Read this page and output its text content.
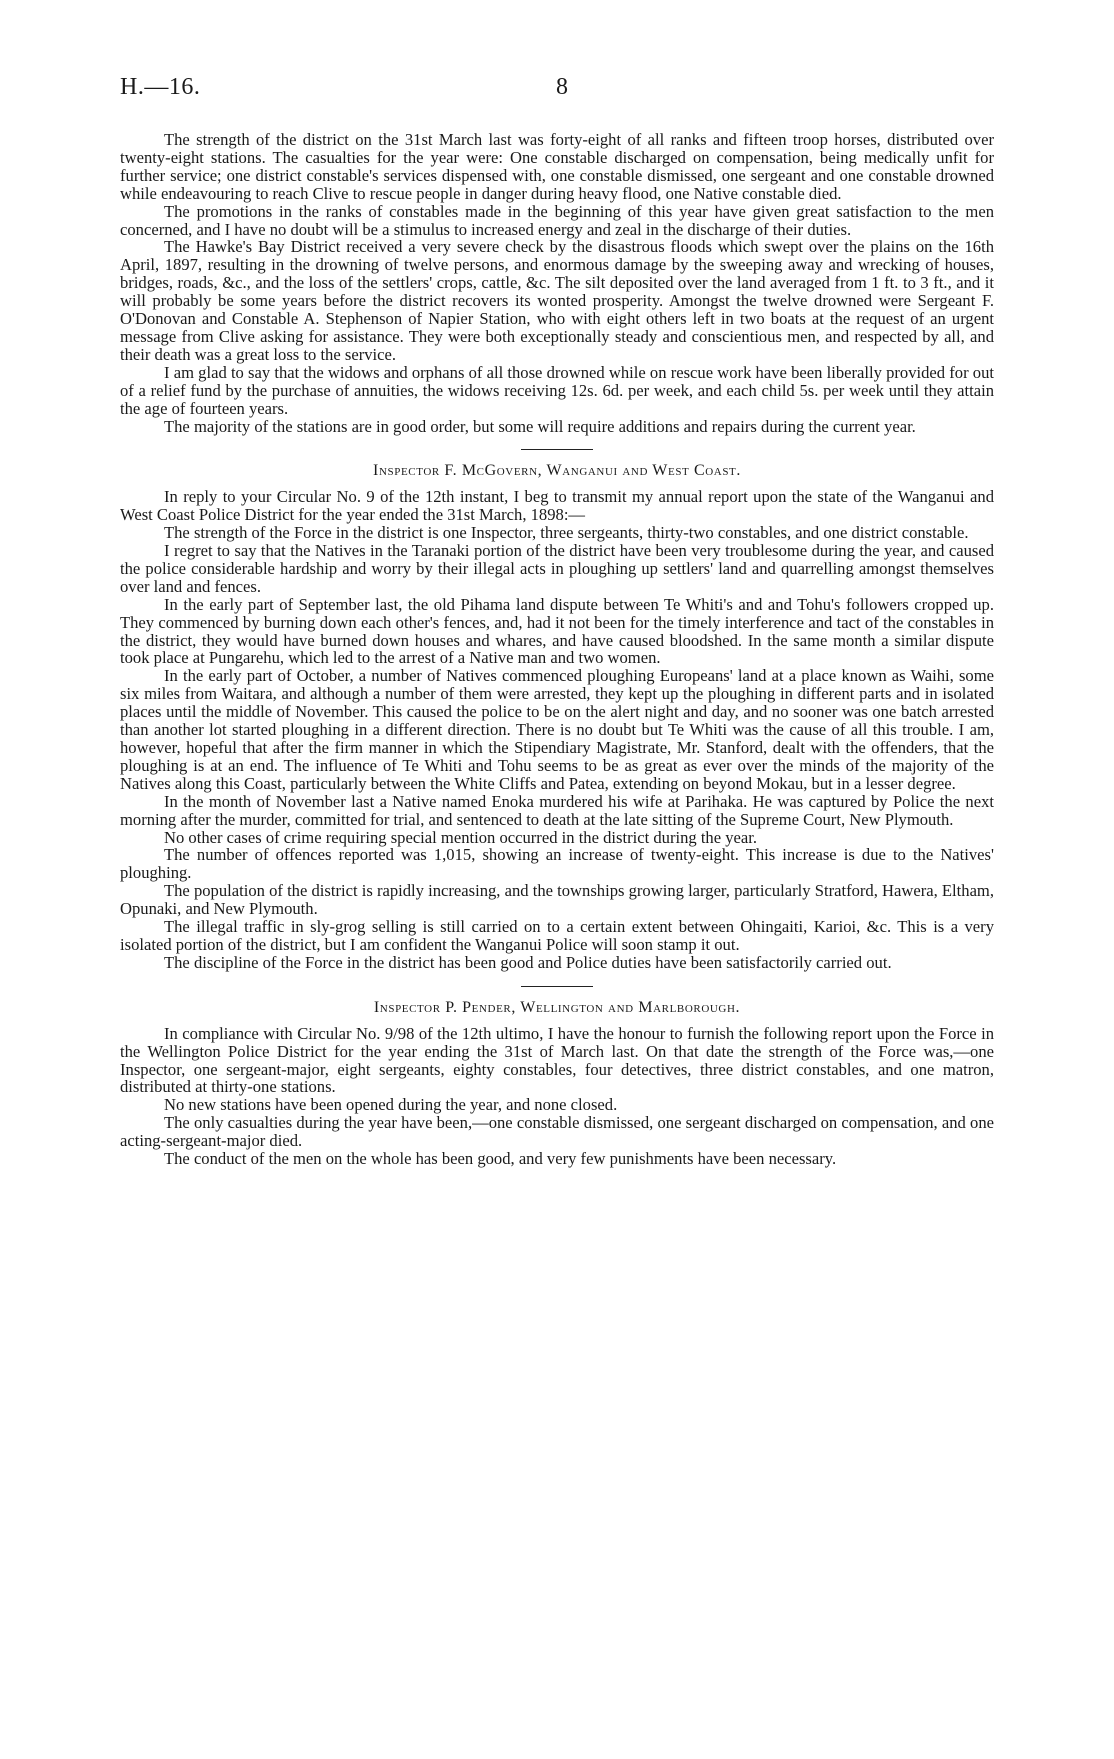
H.—16.	8

The strength of the district on the 31st March last was forty-eight of all ranks and fifteen troop horses, distributed over twenty-eight stations. The casualties for the year were: One constable discharged on compensation, being medically unfit for further service; one district constable's services dispensed with, one constable dismissed, one sergeant and one constable drowned while endeavouring to reach Clive to rescue people in danger during heavy flood, one Native constable died.

The promotions in the ranks of constables made in the beginning of this year have given great satisfaction to the men concerned, and I have no doubt will be a stimulus to increased energy and zeal in the discharge of their duties.

The Hawke's Bay District received a very severe check by the disastrous floods which swept over the plains on the 16th April, 1897, resulting in the drowning of twelve persons, and enormous damage by the sweeping away and wrecking of houses, bridges, roads, &c., and the loss of the settlers' crops, cattle, &c. The silt deposited over the land averaged from 1 ft. to 3 ft., and it will probably be some years before the district recovers its wonted prosperity. Amongst the twelve drowned were Sergeant F. O'Donovan and Constable A. Stephenson of Napier Station, who with eight others left in two boats at the request of an urgent message from Clive asking for assistance. They were both exceptionally steady and conscientious men, and respected by all, and their death was a great loss to the service.

I am glad to say that the widows and orphans of all those drowned while on rescue work have been liberally provided for out of a relief fund by the purchase of annuities, the widows receiving 12s. 6d. per week, and each child 5s. per week until they attain the age of fourteen years.

The majority of the stations are in good order, but some will require additions and repairs during the current year.

Inspector F. McGovern, Wanganui and West Coast.

In reply to your Circular No. 9 of the 12th instant, I beg to transmit my annual report upon the state of the Wanganui and West Coast Police District for the year ended the 31st March, 1898:—

The strength of the Force in the district is one Inspector, three sergeants, thirty-two constables, and one district constable.

I regret to say that the Natives in the Taranaki portion of the district have been very troublesome during the year, and caused the police considerable hardship and worry by their illegal acts in ploughing up settlers' land and quarrelling amongst themselves over land and fences.

In the early part of September last, the old Pihama land dispute between Te Whiti's and and Tohu's followers cropped up. They commenced by burning down each other's fences, and, had it not been for the timely interference and tact of the constables in the district, they would have burned down houses and whares, and have caused bloodshed. In the same month a similar dispute took place at Pungarehu, which led to the arrest of a Native man and two women.

In the early part of October, a number of Natives commenced ploughing Europeans' land at a place known as Waihi, some six miles from Waitara, and although a number of them were arrested, they kept up the ploughing in different parts and in isolated places until the middle of November. This caused the police to be on the alert night and day, and no sooner was one batch arrested than another lot started ploughing in a different direction. There is no doubt but Te Whiti was the cause of all this trouble. I am, however, hopeful that after the firm manner in which the Stipendiary Magistrate, Mr. Stanford, dealt with the offenders, that the ploughing is at an end. The influence of Te Whiti and Tohu seems to be as great as ever over the minds of the majority of the Natives along this Coast, particularly between the White Cliffs and Patea, extending on beyond Mokau, but in a lesser degree.

In the month of November last a Native named Enoka murdered his wife at Parihaka. He was captured by Police the next morning after the murder, committed for trial, and sentenced to death at the late sitting of the Supreme Court, New Plymouth.

No other cases of crime requiring special mention occurred in the district during the year.

The number of offences reported was 1,015, showing an increase of twenty-eight. This increase is due to the Natives' ploughing.

The population of the district is rapidly increasing, and the townships growing larger, particularly Stratford, Hawera, Eltham, Opunaki, and New Plymouth.

The illegal traffic in sly-grog selling is still carried on to a certain extent between Ohingaiti, Karioi, &c. This is a very isolated portion of the district, but I am confident the Wanganui Police will soon stamp it out.

The discipline of the Force in the district has been good and Police duties have been satisfactorily carried out.

Inspector P. Pender, Wellington and Marlborough.

In compliance with Circular No. 9/98 of the 12th ultimo, I have the honour to furnish the following report upon the Force in the Wellington Police District for the year ending the 31st of March last. On that date the strength of the Force was,—one Inspector, one sergeant-major, eight sergeants, eighty constables, four detectives, three district constables, and one matron, distributed at thirty-one stations.

No new stations have been opened during the year, and none closed.

The only casualties during the year have been,—one constable dismissed, one sergeant discharged on compensation, and one acting-sergeant-major died.

The conduct of the men on the whole has been good, and very few punishments have been necessary.
